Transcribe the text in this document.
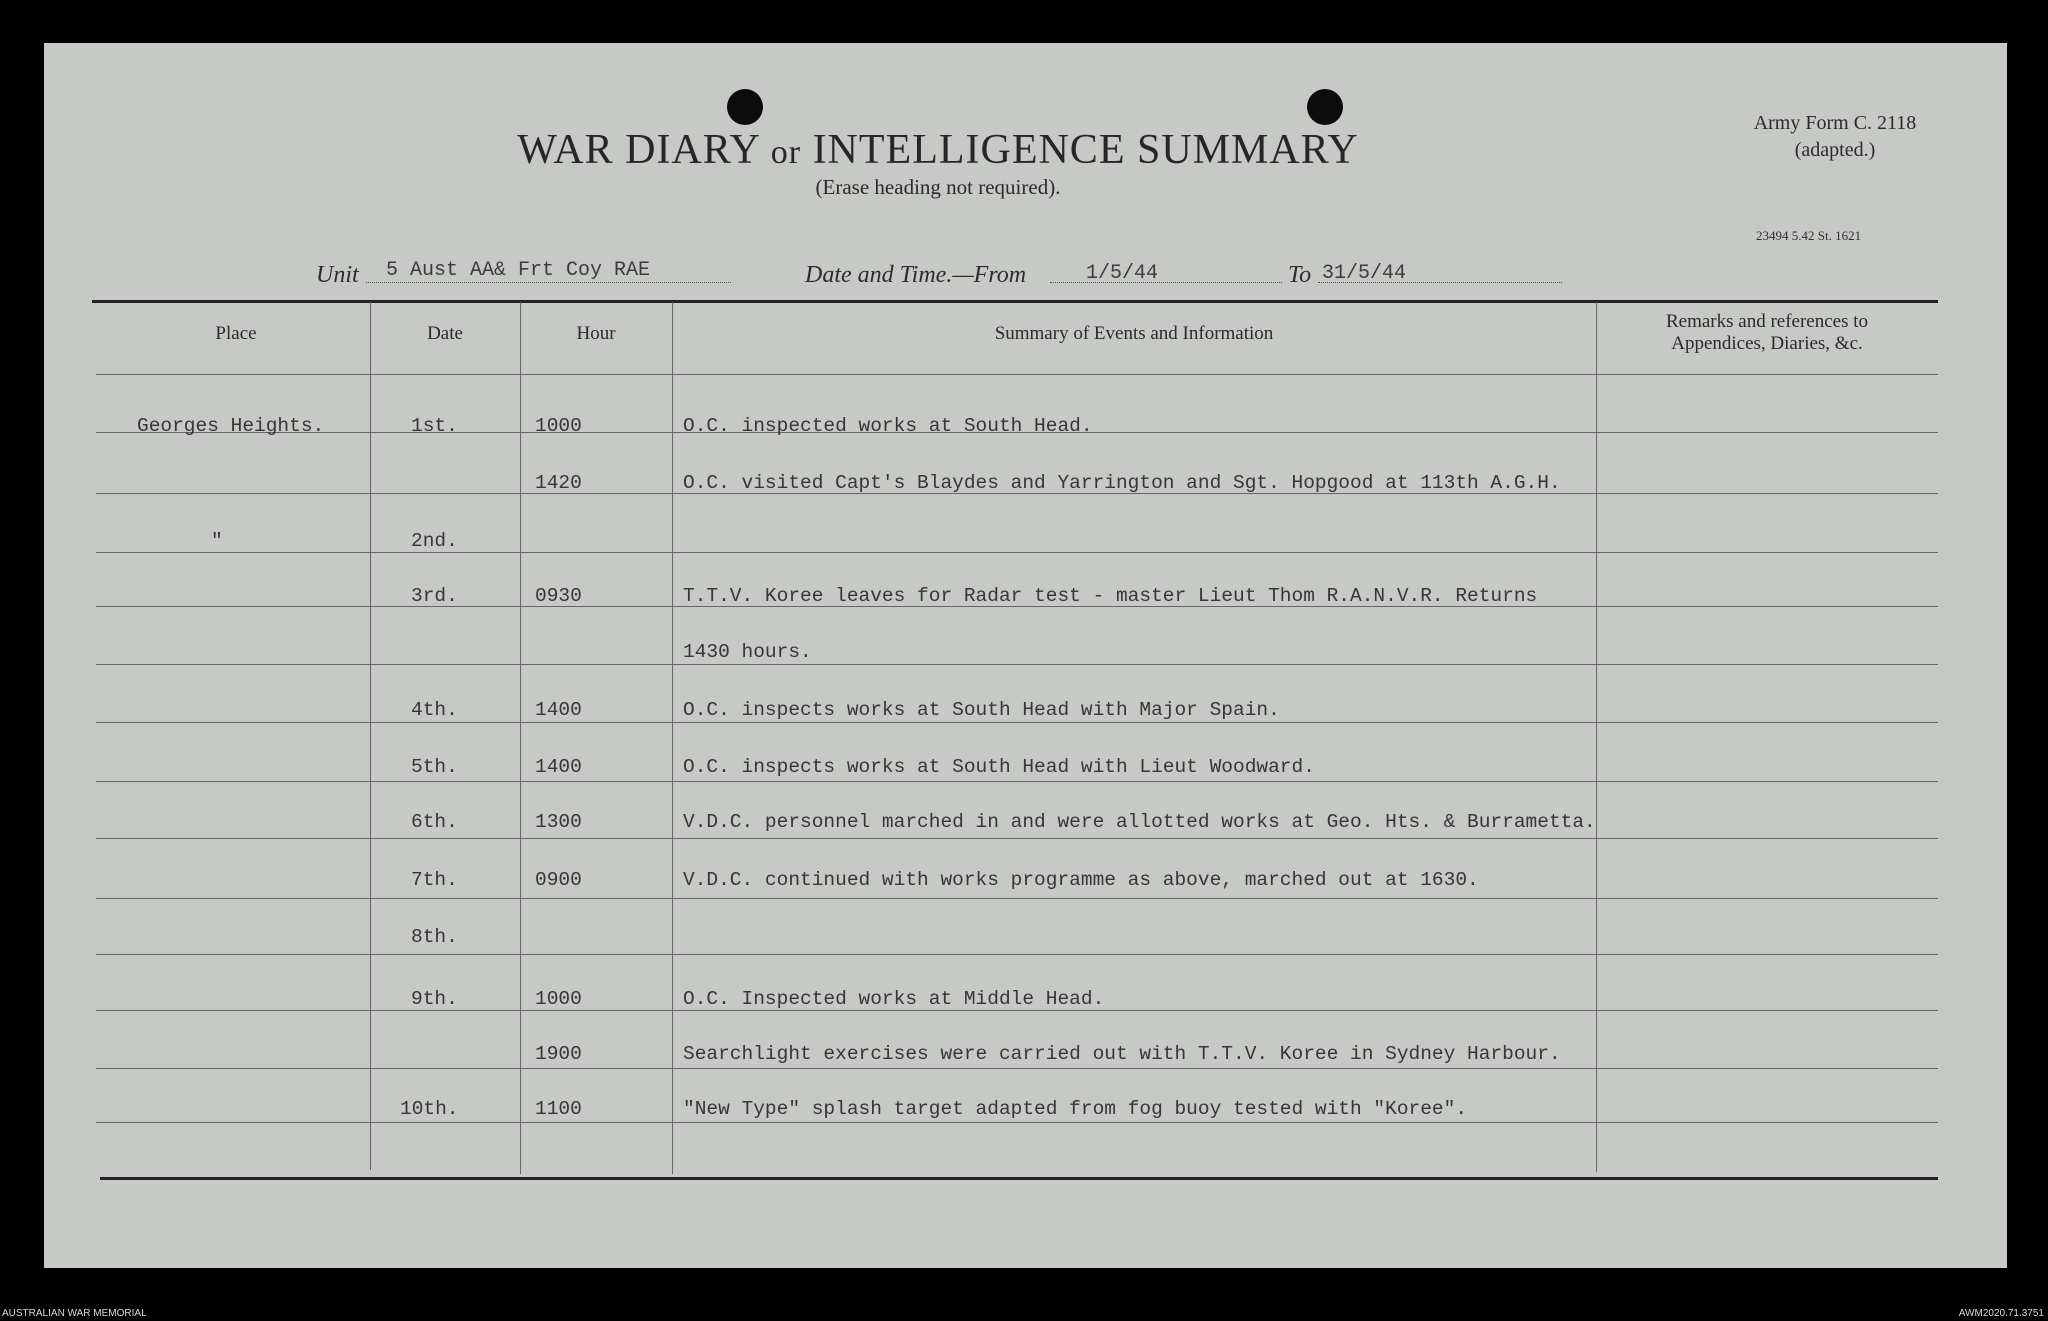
WAR DIARY or INTELLIGENCE SUMMARY
(Erase heading not required).
Army Form C. 2118
(adapted.)
23494 5.42 St. 1621
Unit 5 Aust AA& Frt Coy RAE	Date and Time.—From	1/5/44	To 31/5/44
Place	Date	Hour	Summary of Events and Information
Remarks and references to
Appendices, Diaries, &c.
Georges Heights.	1st.	1000	O.C. inspected works at South Head.
1420	O.C. visited Capt's Blaydes and Yarrington and Sgt. Hopgood at 113th A.G.H.
"	2nd.
3rd.	0930	T.T.V. Koree leaves for Radar test - master Lieut Thom R.A.N.V.R. Returns
1430 hours.
4th.	1400	O.C. inspects works at South Head with Major Spain.
5th.	1400	O.C. inspects works at South Head with Lieut Woodward.
6th.	1300	V.D.C. personnel marched in and were allotted works at Geo. Hts. & Burrametta.
7th.	0900	V.D.C. continued with works programme as above, marched out at 1630.
8th.
9th.	1000	O.C. Inspected works at Middle Head.
1900	Searchlight exercises were carried out with T.T.V. Koree in Sydney Harbour.
10th.	1100	"New Type" splash target adapted from fog buoy tested with "Koree".
AUSTRALIAN WAR MEMORIAL	AWM2020.71.3751
